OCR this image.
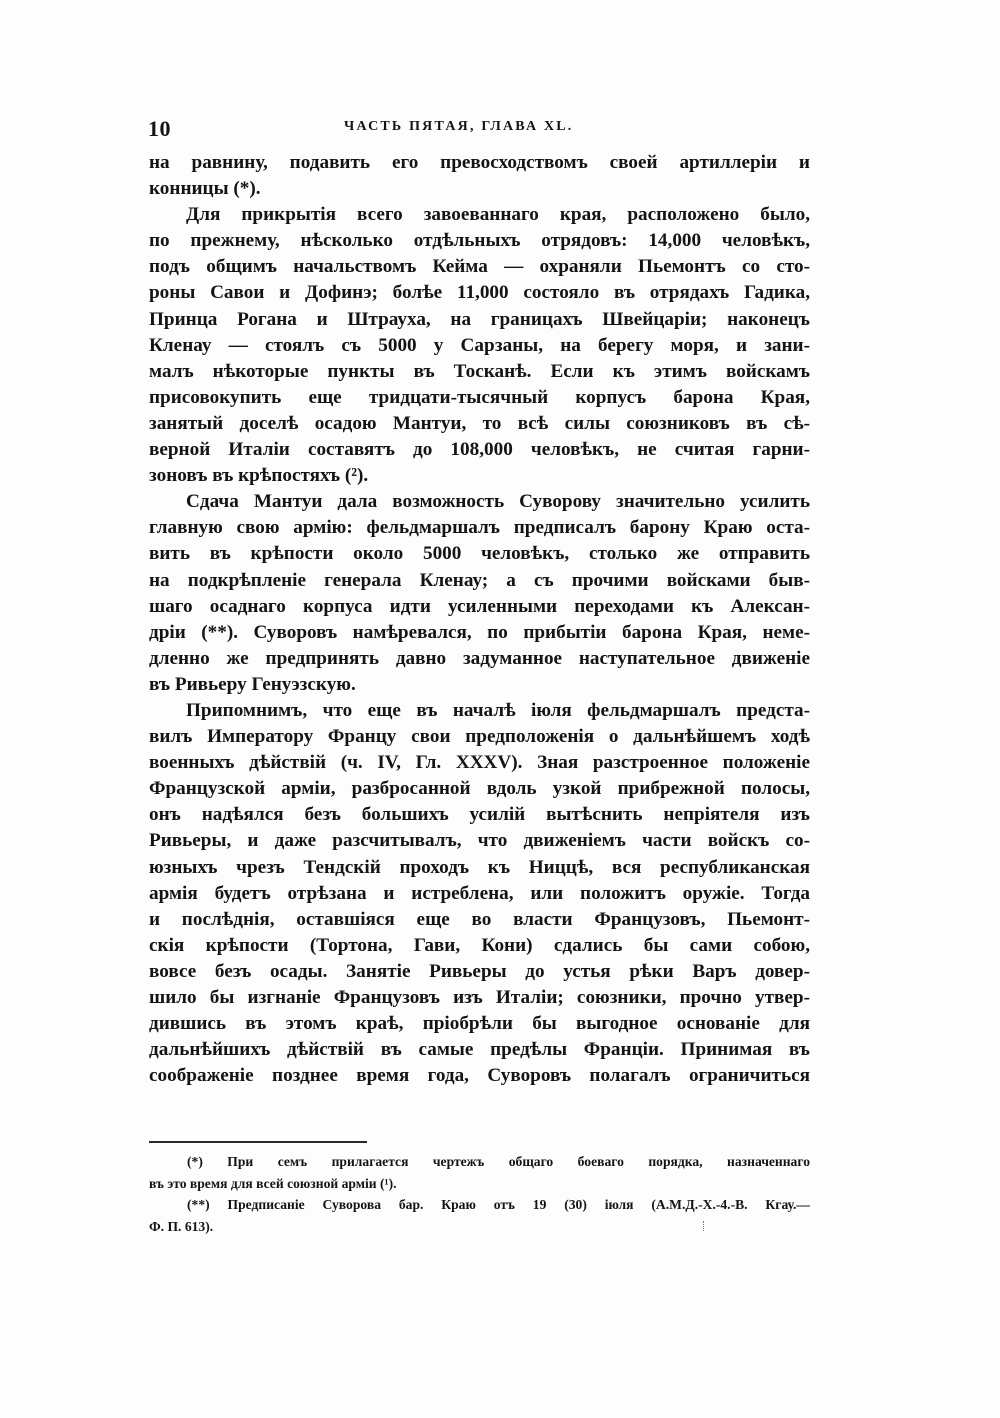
10	ЧАСТЬ ПЯТАЯ, ГЛАВА XL.
на равнину, подавить его превосходствомъ своей артиллеріи и
конницы (*).
Для прикрытія всего завоеваннаго края, расположено было,
по прежнему, нѣсколько отдѣльныхъ отрядовъ: 14,000 человѣкъ,
подъ общимъ начальствомъ Кейма — охраняли Пьемонтъ со сто-
роны Савои и Дофинэ; болѣе 11,000 состояло въ отрядахъ Гадика,
Принца Рогана и Штрауха, на границахъ Швейцаріи; наконецъ
Кленау — стоялъ съ 5000 у Сарзаны, на берегу моря, и зани-
малъ нѣкоторые пункты въ Тосканѣ. Если къ этимъ войскамъ
присовокупить еще тридцати-тысячный корпусъ барона Края,
занятый доселѣ осадою Мантуи, то всѣ силы союзниковъ въ сѣ-
верной Италіи составятъ до 108,000 человѣкъ, не считая гарни-
зоновъ въ крѣпостяхъ (²).
Сдача Мантуи дала возможность Суворову значительно усилить
главную свою армію: фельдмаршалъ предписалъ барону Краю оста-
вить въ крѣпости около 5000 человѣкъ, столько же отправить
на подкрѣпленіе генерала Кленау; а съ прочими войсками быв-
шаго осаднаго корпуса идти усиленными переходами къ Алексан-
дріи (**). Суворовъ намѣревался, по прибытіи барона Края, неме-
дленно же предпринять давно задуманное наступательное движеніе
въ Ривьеру Генуэзскую.
Припомнимъ, что еще въ началѣ іюля фельдмаршалъ предста-
вилъ Императору Францу свои предположенія о дальнѣйшемъ ходѣ
военныхъ дѣйствій (ч. IV, Гл. XXXV). Зная разстроенное положеніе
Французской арміи, разбросанной вдоль узкой прибрежной полосы,
онъ надѣялся безъ большихъ усилій вытѣснить непріятеля изъ
Ривьеры, и даже разсчитывалъ, что движеніемъ части войскъ со-
юзныхъ чрезъ Тендскій проходъ къ Ниццѣ, вся республиканская
армія будетъ отрѣзана и истреблена, или положитъ оружіе. Тогда
и послѣднія, оставшіяся еще во власти Французовъ, Пьемонт-
скія крѣпости (Тортона, Гави, Кони) сдались бы сами собою,
вовсе безъ осады. Занятіе Ривьеры до устья рѣки Варъ довер-
шило бы изгнаніе Французовъ изъ Италіи; союзники, прочно утвер-
дившись въ этомъ краѣ, пріобрѣли бы выгодное основаніе для
дальнѣйшихъ дѣйствій въ самые предѣлы Франціи. Принимая въ
соображеніе позднее время года, Суворовъ полагалъ ограничиться
(*) При семъ прилагается чертежъ общаго боеваго порядка, назначеннаго
въ это время для всей союзной арміи (¹).
(**) Предписаніе Суворова бар. Краю отъ 19 (30) іюля (А.М.Д.-Х.-4.-В. Кгау.—
Ф. П. 613).
